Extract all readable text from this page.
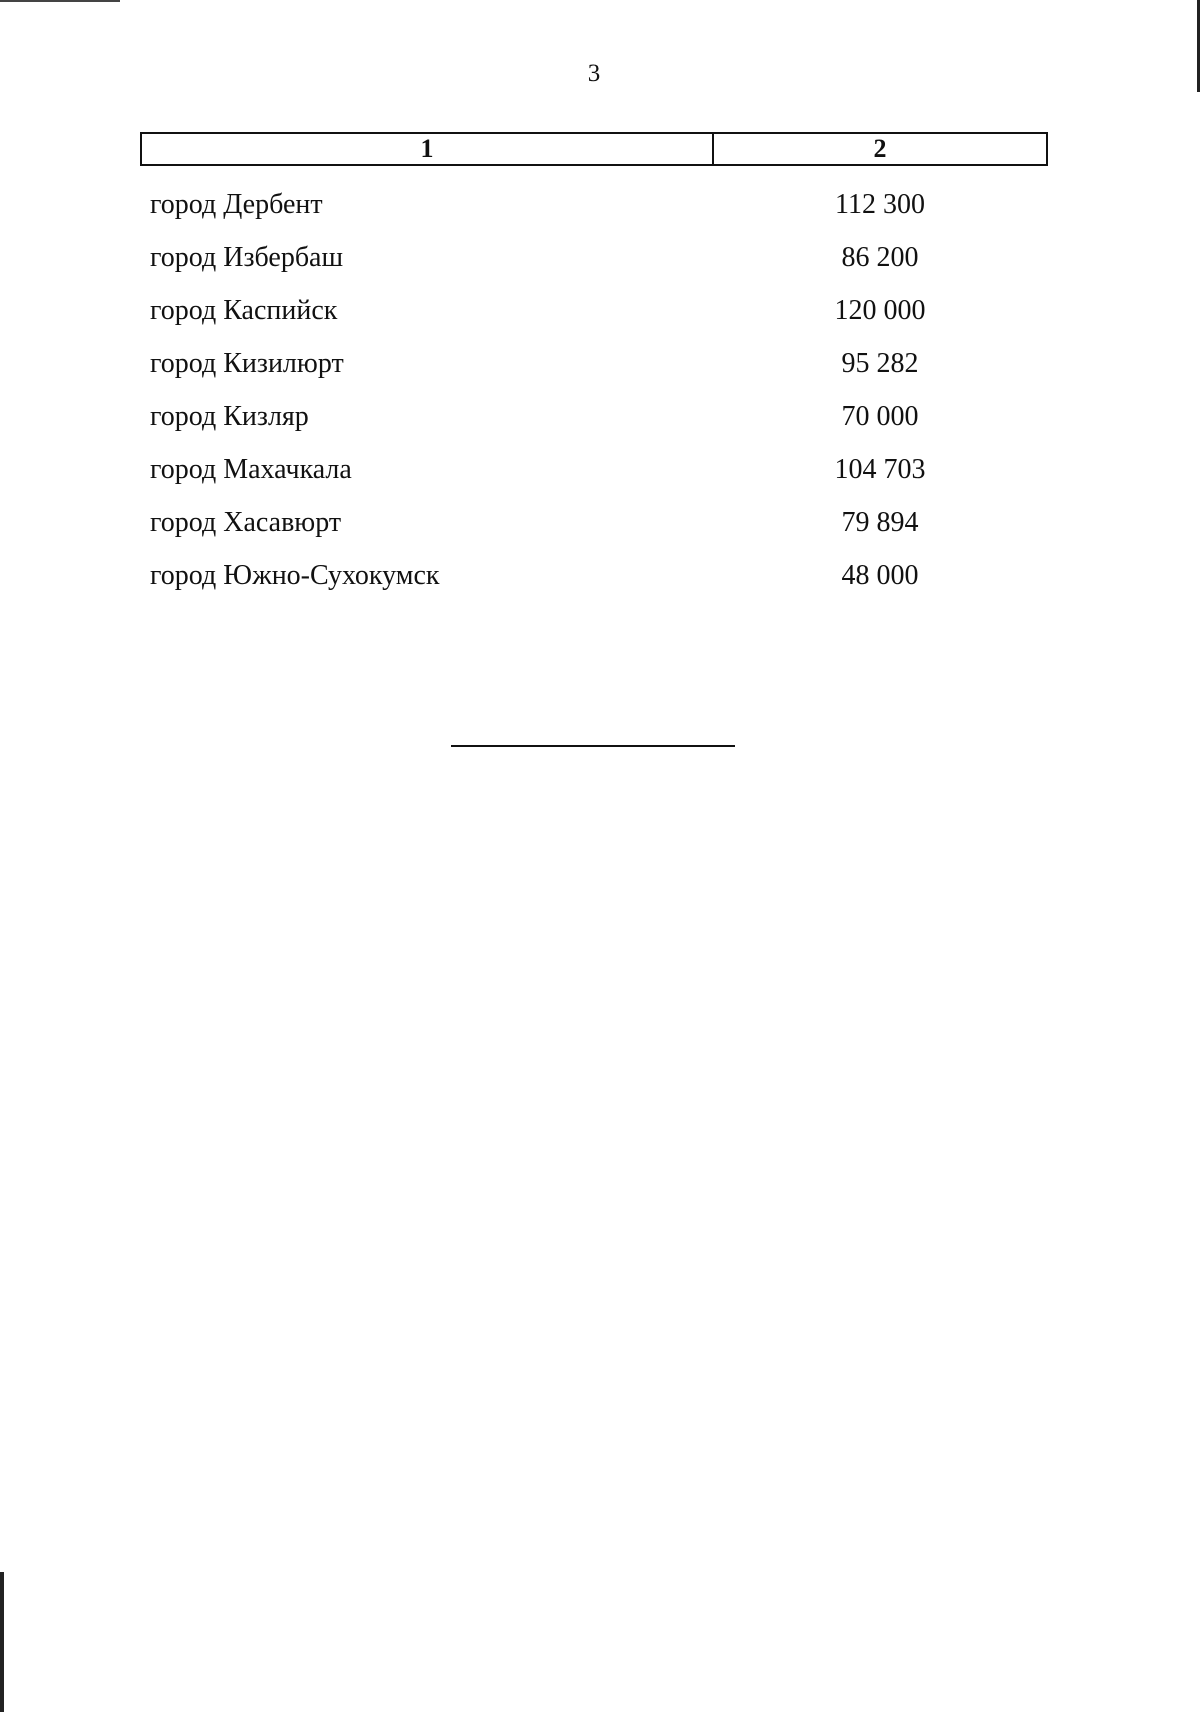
3
1	2
город Дербент	112 300
город Избербаш	86 200
город Каспийск	120 000
город Кизилюрт	95 282
город Кизляр	70 000
город Махачкала	104 703
город Хасавюрт	79 894
город Южно-Сухокумск	48 000
